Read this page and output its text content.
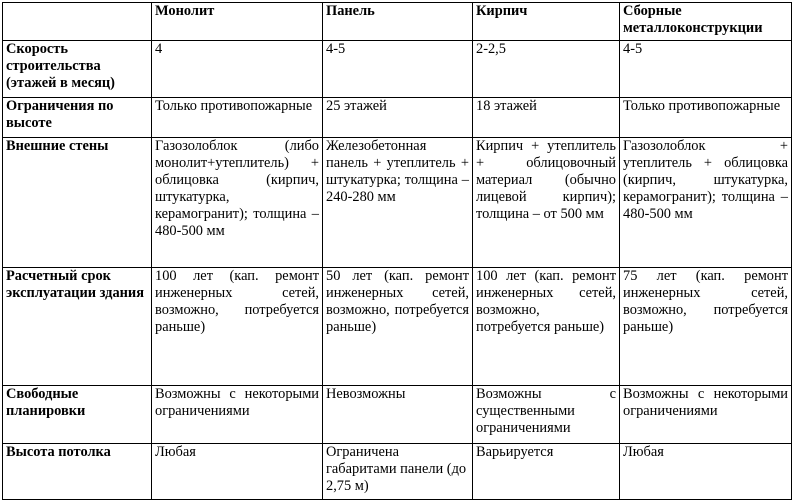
	Монолит	Панель	Кирпич	Сборные металлоконструкции
Скорость строительства (этажей в месяц)	4	4-5	2-2,5	4-5
Ограничения по высоте	Только противопожарные	25 этажей	18 этажей	Только противопожарные
Внешние стены	Газозолоблок (либо монолит+утеплитель) + облицовка (кирпич, штукатурка, керамогранит); толщина – 480-500 мм	Железобетонная панель + утеплитель + штукатурка; толщина – 240-280 мм	Кирпич + утеплитель + облицовочный материал (обычно лицевой кирпич); толщина – от 500 мм	Газозолоблок + утеплитель + облицовка (кирпич, штукатурка, керамогранит); толщина – 480-500 мм
Расчетный срок эксплуатации здания	100 лет (кап. ремонт инженерных сетей, возможно, потребуется раньше)	50 лет (кап. ремонт инженерных сетей, возможно, потребуется раньше)	100 лет (кап. ремонт инженерных сетей, возможно, потребуется раньше)	75 лет (кап. ремонт инженерных сетей, возможно, потребуется раньше)
Свободные планировки	Возможны с некоторыми ограничениями	Невозможны	Возможны с существенными ограничениями	Возможны с некоторыми ограничениями
Высота потолка	Любая	Ограничена габаритами панели (до 2,75 м)	Варьируется	Любая
